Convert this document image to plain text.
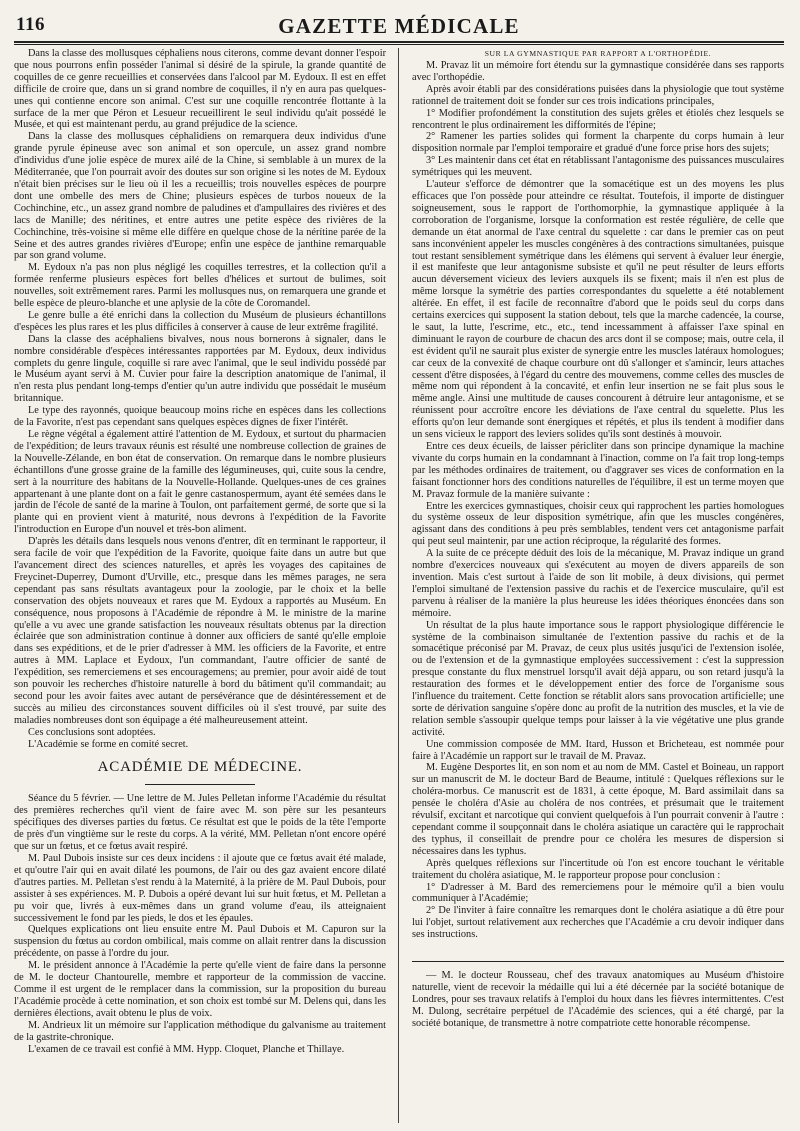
116	GAZETTE MÉDICALE

Dans la classe des mollusques céphaliens nous citerons, comme devant donner l'espoir que nous pourrons enfin posséder l'animal si désiré de la spirule, la grande quantité de coquilles de ce genre recueillies et conservées dans l'alcool par M. Eydoux. Il est en effet difficile de croire que, dans un si grand nombre de coquilles, il n'y en aura pas quelques-unes qui contienne encore son animal. C'est sur une coquille rencontrée flottante à la surface de la mer que Péron et Lesueur recueillirent le seul individu qu'ait possédé le Musée, et qui est maintenant perdu, au grand préjudice de la science.

Dans la classe des mollusques céphalidiens on remarquera deux individus d'une grande pyrule épineuse avec son animal et son opercule, un assez grand nombre d'individus d'une jolie espèce de murex ailé de la Chine, si semblable à un murex de la Méditerranée, que l'on pourrait avoir des doutes sur son origine si les notes de M. Eydoux n'était bien précises sur le lieu où il les a recueillis; trois nouvelles espèces de pourpre dont une ombelle des mers de Chine; plusieurs espèces de turbos noueux de la Cochinchine, etc., un assez grand nombre de paludines et d'ampullaires des rivières et des lacs de Manille; des néritines, et entre autres une petite espèce des rivières de la Cochinchine, très-voisine si même elle diffère en quelque chose de la nérítine parée de la Seine et des autres grandes rivières d'Europe; enfin une espèce de janthine remarquable par son grand volume.

M. Eydoux n'a pas non plus négligé les coquilles terrestres, et la collection qu'il a formée renferme plusieurs espèces fort belles d'hélices et surtout de bulimes, soit nouvelles, soit extrêmement rares. Parmi les mollusques nus, on remarquera une grande et belle espèce de pleuro-blanche et une aplysie de la côte de Coromandel.

Le genre bulle a été enrichi dans la collection du Muséum de plusieurs échantillons d'espèces les plus rares et les plus difficiles à conserver à cause de leur extrême fragilité.

Dans la classe des acéphaliens bivalves, nous nous bornerons à signaler, dans le nombre considérable d'espèces intéressantes rapportées par M. Eydoux, deux individus complets du genre lingule, coquille si rare avec l'animal, que le seul individu possédé par le Muséum ayant servi à M. Cuvier pour faire la description anatomique de l'animal, il n'en resta plus pendant long-temps d'entier qu'un autre individu que possédait le muséum britannique.

Le type des rayonnés, quoique beaucoup moins riche en espèces dans les collections de la Favorite, n'est pas cependant sans quelques espèces dignes de fixer l'intérêt.

Le règne végétal a également attiré l'attention de M. Eydoux, et surtout du pharmacien de l'expédition; de leurs travaux réunis est résulté une nombreuse collection de graines de la Nouvelle-Zélande, en bon état de conservation. On remarque dans le nombre plusieurs échantillons d'une grosse graine de la famille des légumineuses, qui, cuite sous la cendre, sert à la nourriture des habitans de la Nouvelle-Hollande. Quelques-unes de ces graines appartenant à une plante dont on a fait le genre castanospermum, ayant été semées dans le jardin de l'école de santé de la marine à Toulon, ont parfaitement germé, de sorte que si la plante qui en provient vient à maturité, nous devrons à l'expédition de la Favorite l'introduction en Europe d'un nouvel et très-bon aliment.

D'après les détails dans lesquels nous venons d'entrer, dît en terminant le rapporteur, il sera facile de voir que l'expédition de la Favorite, quoique faite dans un autre but que l'avancement direct des sciences naturelles, et après les voyages des capitaines de Freycinet-Duperrey, Dumont d'Urville, etc., presque dans les mêmes parages, ne sera cependant pas sans résultats avantageux pour la zoologie, par le choix et la belle conservation des objets nouveaux et rares que M. Eydoux a rapportés au Muséum. En conséquence, nous proposons à l'Académie de répondre à M. le ministre de la marine qu'elle a vu avec une grande satisfaction les nouveaux résultats obtenus par la direction éclairée que son administration continue à donner aux officiers de santé qu'elle emploie dans ses expéditions, et de le prier d'adresser à MM. les officiers de la Favorite, et entre autres à MM. Laplace et Eydoux, l'un commandant, l'autre officier de santé de l'expédition, ses remerciemens et ses encouragemens; au premier, pour avoir aidé de tout son pouvoir les recherches d'histoire naturelle à bord du bâtiment qu'il commandait; au second pour les avoir faites avec autant de persévérance que de désintéressement et de succès au milieu des circonstances souvent difficiles où il s'est trouvé, par suite des maladies nombreuses dont son équipage a été malheureusement atteint.

Ces conclusions sont adoptées.

L'Académie se forme en comité secret.

ACADÉMIE DE MÉDECINE.

Séance du 5 février. — Une lettre de M. Jules Pelletan informe l'Académie du résultat des premières recherches qu'il vient de faire avec M. son père sur les pesanteurs spécifiques des diverses parties du fœtus. Ce résultat est que le poids de la tête l'emporte de près d'un vingtième sur le reste du corps. A la vérité, MM. Pelletan n'ont encore opéré que sur un fœtus, et ce fœtus avait respiré.

M. Paul Dubois insiste sur ces deux incidens : il ajoute que ce fœtus avait été malade, et qu'outre l'air qui en avait dilaté les poumons, de l'air ou des gaz avaient encore dilaté d'autres parties. M. Pelletan s'est rendu à la Maternité, à la prière de M. Paul Dubois, pour assister à ses expériences. M. P. Dubois a opéré devant lui sur huit fœtus, et M. Pelletan a pu voir que, livrés à eux-mêmes dans un grand volume d'eau, ils atteignaient successivement le fond par les pieds, le dos et les épaules.

Quelques explications ont lieu ensuite entre M. Paul Dubois et M. Capuron sur la suspension du fœtus au cordon ombilical, mais comme on allait rentrer dans la discussion précédente, on passe à l'ordre du jour.

M. le président annonce à l'Académie la perte qu'elle vient de faire dans la personne de M. le docteur Chantourelle, membre et rapporteur de la commission de vaccine. Comme il est urgent de le remplacer dans la commission, sur la proposition du bureau l'Académie procède à cette nomination, et son choix est tombé sur M. Delens qui, dans les dernières élections, avait obtenu le plus de voix.

M. Andrieux lit un mémoire sur l'application méthodique du galvanisme au traitement de la gastrite-chronique.

L'examen de ce travail est confié à MM. Hypp. Cloquet, Planche et Thillaye.

SUR LA GYMNASTIQUE PAR RAPPORT A L'ORTHOPÉDIE.

M. Pravaz lit un mémoire fort étendu sur la gymnastique considérée dans ses rapports avec l'orthopédie.

Après avoir établi par des considérations puisées dans la physiologie que tout système rationnel de traitement doit se fonder sur ces trois indications principales,

1° Modifier profondément la constitution des sujets grêles et étiolés chez lesquels se rencontrent le plus ordinairement les difformités de l'épine;

2° Ramener les parties solides qui forment la charpente du corps humain à leur disposition normale par l'emploi temporaire et gradué d'une force prise hors des sujets;

3° Les maintenir dans cet état en rétablissant l'antagonisme des puissances musculaires symétriques qui les meuvent.

L'auteur s'efforce de démontrer que la somacétique est un des moyens les plus efficaces que l'on possède pour atteindre ce résultat. Toutefois, il importe de distinguer soigneusement, sous le rapport de l'orthomorphie, la gymnastique appliquée à la corroboration de l'organisme, lorsque la conformation est restée régulière, de celle que demande un état anormal de l'axe central du squelette : car dans le premier cas on peut sans inconvénient appeler les muscles congénères à des contractions simultanées, puisque tout restant sensiblement symétrique dans les élémens qui servent à évaluer leur énergie, il est manifeste que leur antagonisme subsiste et qu'il ne peut résulter de leurs efforts aucun déversement vicieux des leviers auxquels ils se fixent; mais il n'en est plus de même lorsque la symétrie des parties correspondantes du squelette a été notablement altérée. En effet, il est facile de reconnaître d'abord que le poids seul du corps dans certains exercices qui supposent la station debout, tels que la marche cadencée, la course, le saut, la lutte, l'escrime, etc., etc., tend incessamment à affaisser l'axe spinal en diminuant le rayon de courbure de chacun des arcs dont il se compose; mais, outre cela, il est évident qu'il ne saurait plus exister de synergie entre les muscles latéraux homologues; car ceux de la convexité de chaque courbure ont dû s'allonger et s'amincir, leurs attaches cessent d'être disposées, à l'égard du centre des mouvemens, comme celles des muscles de même nom qui répondent à la concavité, et enfin leur insertion ne se fait plus sous le même angle. Ainsi une multitude de causes concourent à détruire leur antagonisme, et se réunissent pour accroître encore les déviations de l'axe central du squelette. Plus les efforts qu'on leur demande sont énergiques et répétés, et plus ils tendent à modifier dans un sens vicieux le rapport des leviers solides qu'ils sont destinés à mouvoir.

Entre ces deux écueils, de laisser péricliter dans son principe dynamique la machine vivante du corps humain en la condamnant à l'inaction, comme on l'a fait trop long-temps par les méthodes ordinaires de traitement, ou d'aggraver ses vices de conformation en la faisant fonctionner hors des conditions naturelles de l'équilibre, il est un terme moyen que M. Pravaz formule de la manière suivante :

Entre les exercices gymnastiques, choisir ceux qui rapprochent les parties homologues du système osseux de leur disposition symétrique, afin que les muscles congénères, agissant dans des conditions à peu près semblables, tendent vers cet antagonisme parfait qui peut seul maintenir, par une action réciproque, la régularité des formes.

A la suite de ce précepte déduit des lois de la mécanique, M. Pravaz indique un grand nombre d'exercices nouveaux qui s'exécutent au moyen de divers appareils de son invention. Mais c'est surtout à l'aide de son lit mobile, à deux divisions, qui permet l'emploi simultané de l'extension passive du rachis et de l'exercice musculaire, qu'il est parvenu à réaliser de la manière la plus heureuse les idées théoriques énoncées dans son mémoire.

Un résultat de la plus haute importance sous le rapport physiologique différencie le système de la combinaison simultanée de l'extention passive du rachis et de la somacétique préconisé par M. Pravaz, de ceux plus usités jusqu'ici de l'extension isolée, ou de l'extension et de la gymnastique employées successivement : c'est la suppression presque constante du flux menstruel lorsqu'il avait déjà apparu, ou son retard jusqu'à la restauration des formes et le développement entier des force de l'organisme sous l'influence du traitement. Cette fonction se rétablit alors sans provocation artificielle; une sorte de dérivation sanguine s'opère donc au profit de la nutrition des muscles, et la vie de relation semble s'assoupir quelque temps pour laisser à la vie végétative une plus grande activité.

Une commission composée de MM. Itard, Husson et Bricheteau, est nommée pour faire à l'Académie un rapport sur le travail de M. Pravaz.

M. Eugène Desportes lit, en son nom et au nom de MM. Castel et Boineau, un rapport sur un manuscrit de M. le docteur Bard de Beaume, intitulé : Quelques réflexions sur le choléra-morbus. Ce manuscrit est de 1831, à cette époque, M. Bard assimilait dans sa pensée le choléra d'Asie au choléra de nos contrées, et présumait que le traitement révulsif, excitant et narcotique qui convient quelquefois à l'un pourrait convenir à l'autre : cependant comme il soupçonnait dans le choléra asiatique un caractère qui le rapprochait des typhus, il conseillait de prendre pour ce choléra les mesures de dispersion si nécessaires dans les typhus.

Après quelques réflexions sur l'incertitude où l'on est encore touchant le véritable traitement du choléra asiatique, M. le rapporteur propose pour conclusion :

1° D'adresser à M. Bard des remerciemens pour le mémoire qu'il a bien voulu communiquer à l'Académie;

2° De l'inviter à faire connaître les remarques dont le choléra asiatique a dû être pour lui l'objet, surtout relativement aux recherches que l'Académie a cru devoir indiquer dans ses instructions.

— M. le docteur Rousseau, chef des travaux anatomiques au Muséum d'histoire naturelle, vient de recevoir la médaille qui lui a été décernée par la société botanique de Londres, pour ses travaux relatifs à l'emploi du houx dans les fièvres intermittentes. C'est M. Dulong, secrétaire perpétuel de l'Académie des sciences, qui a été chargé, par la société botanique, de transmettre à notre compatriote cette honorable récompense.
